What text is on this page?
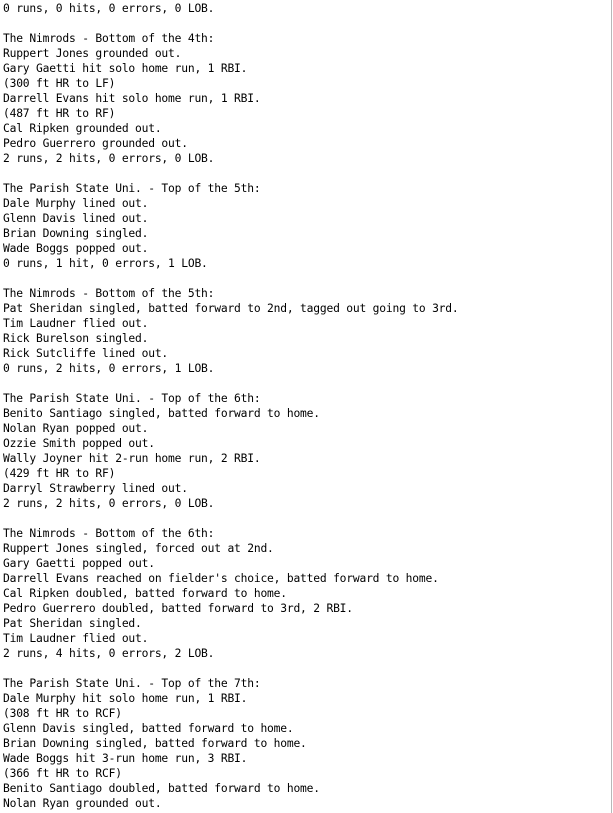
0 runs, 0 hits, 0 errors, 0 LOB.
The Nimrods - Bottom of the 4th:
Ruppert Jones grounded out.
Gary Gaetti hit solo home run, 1 RBI.
(300 ft HR to LF)
Darrell Evans hit solo home run, 1 RBI.
(487 ft HR to RF)
Cal Ripken grounded out.
Pedro Guerrero grounded out.
2 runs, 2 hits, 0 errors, 0 LOB.
The Parish State Uni. - Top of the 5th:
Dale Murphy lined out.
Glenn Davis lined out.
Brian Downing singled.
Wade Boggs popped out.
0 runs, 1 hit, 0 errors, 1 LOB.
The Nimrods - Bottom of the 5th:
Pat Sheridan singled, batted forward to 2nd, tagged out going to 3rd.
Tim Laudner flied out.
Rick Burelson singled.
Rick Sutcliffe lined out.
0 runs, 2 hits, 0 errors, 1 LOB.
The Parish State Uni. - Top of the 6th:
Benito Santiago singled, batted forward to home.
Nolan Ryan popped out.
Ozzie Smith popped out.
Wally Joyner hit 2-run home run, 2 RBI.
(429 ft HR to RF)
Darryl Strawberry lined out.
2 runs, 2 hits, 0 errors, 0 LOB.
The Nimrods - Bottom of the 6th:
Ruppert Jones singled, forced out at 2nd.
Gary Gaetti popped out.
Darrell Evans reached on fielder's choice, batted forward to home.
Cal Ripken doubled, batted forward to home.
Pedro Guerrero doubled, batted forward to 3rd, 2 RBI.
Pat Sheridan singled.
Tim Laudner flied out.
2 runs, 4 hits, 0 errors, 2 LOB.
The Parish State Uni. - Top of the 7th:
Dale Murphy hit solo home run, 1 RBI.
(308 ft HR to RCF)
Glenn Davis singled, batted forward to home.
Brian Downing singled, batted forward to home.
Wade Boggs hit 3-run home run, 3 RBI.
(366 ft HR to RCF)
Benito Santiago doubled, batted forward to home.
Nolan Ryan grounded out.
